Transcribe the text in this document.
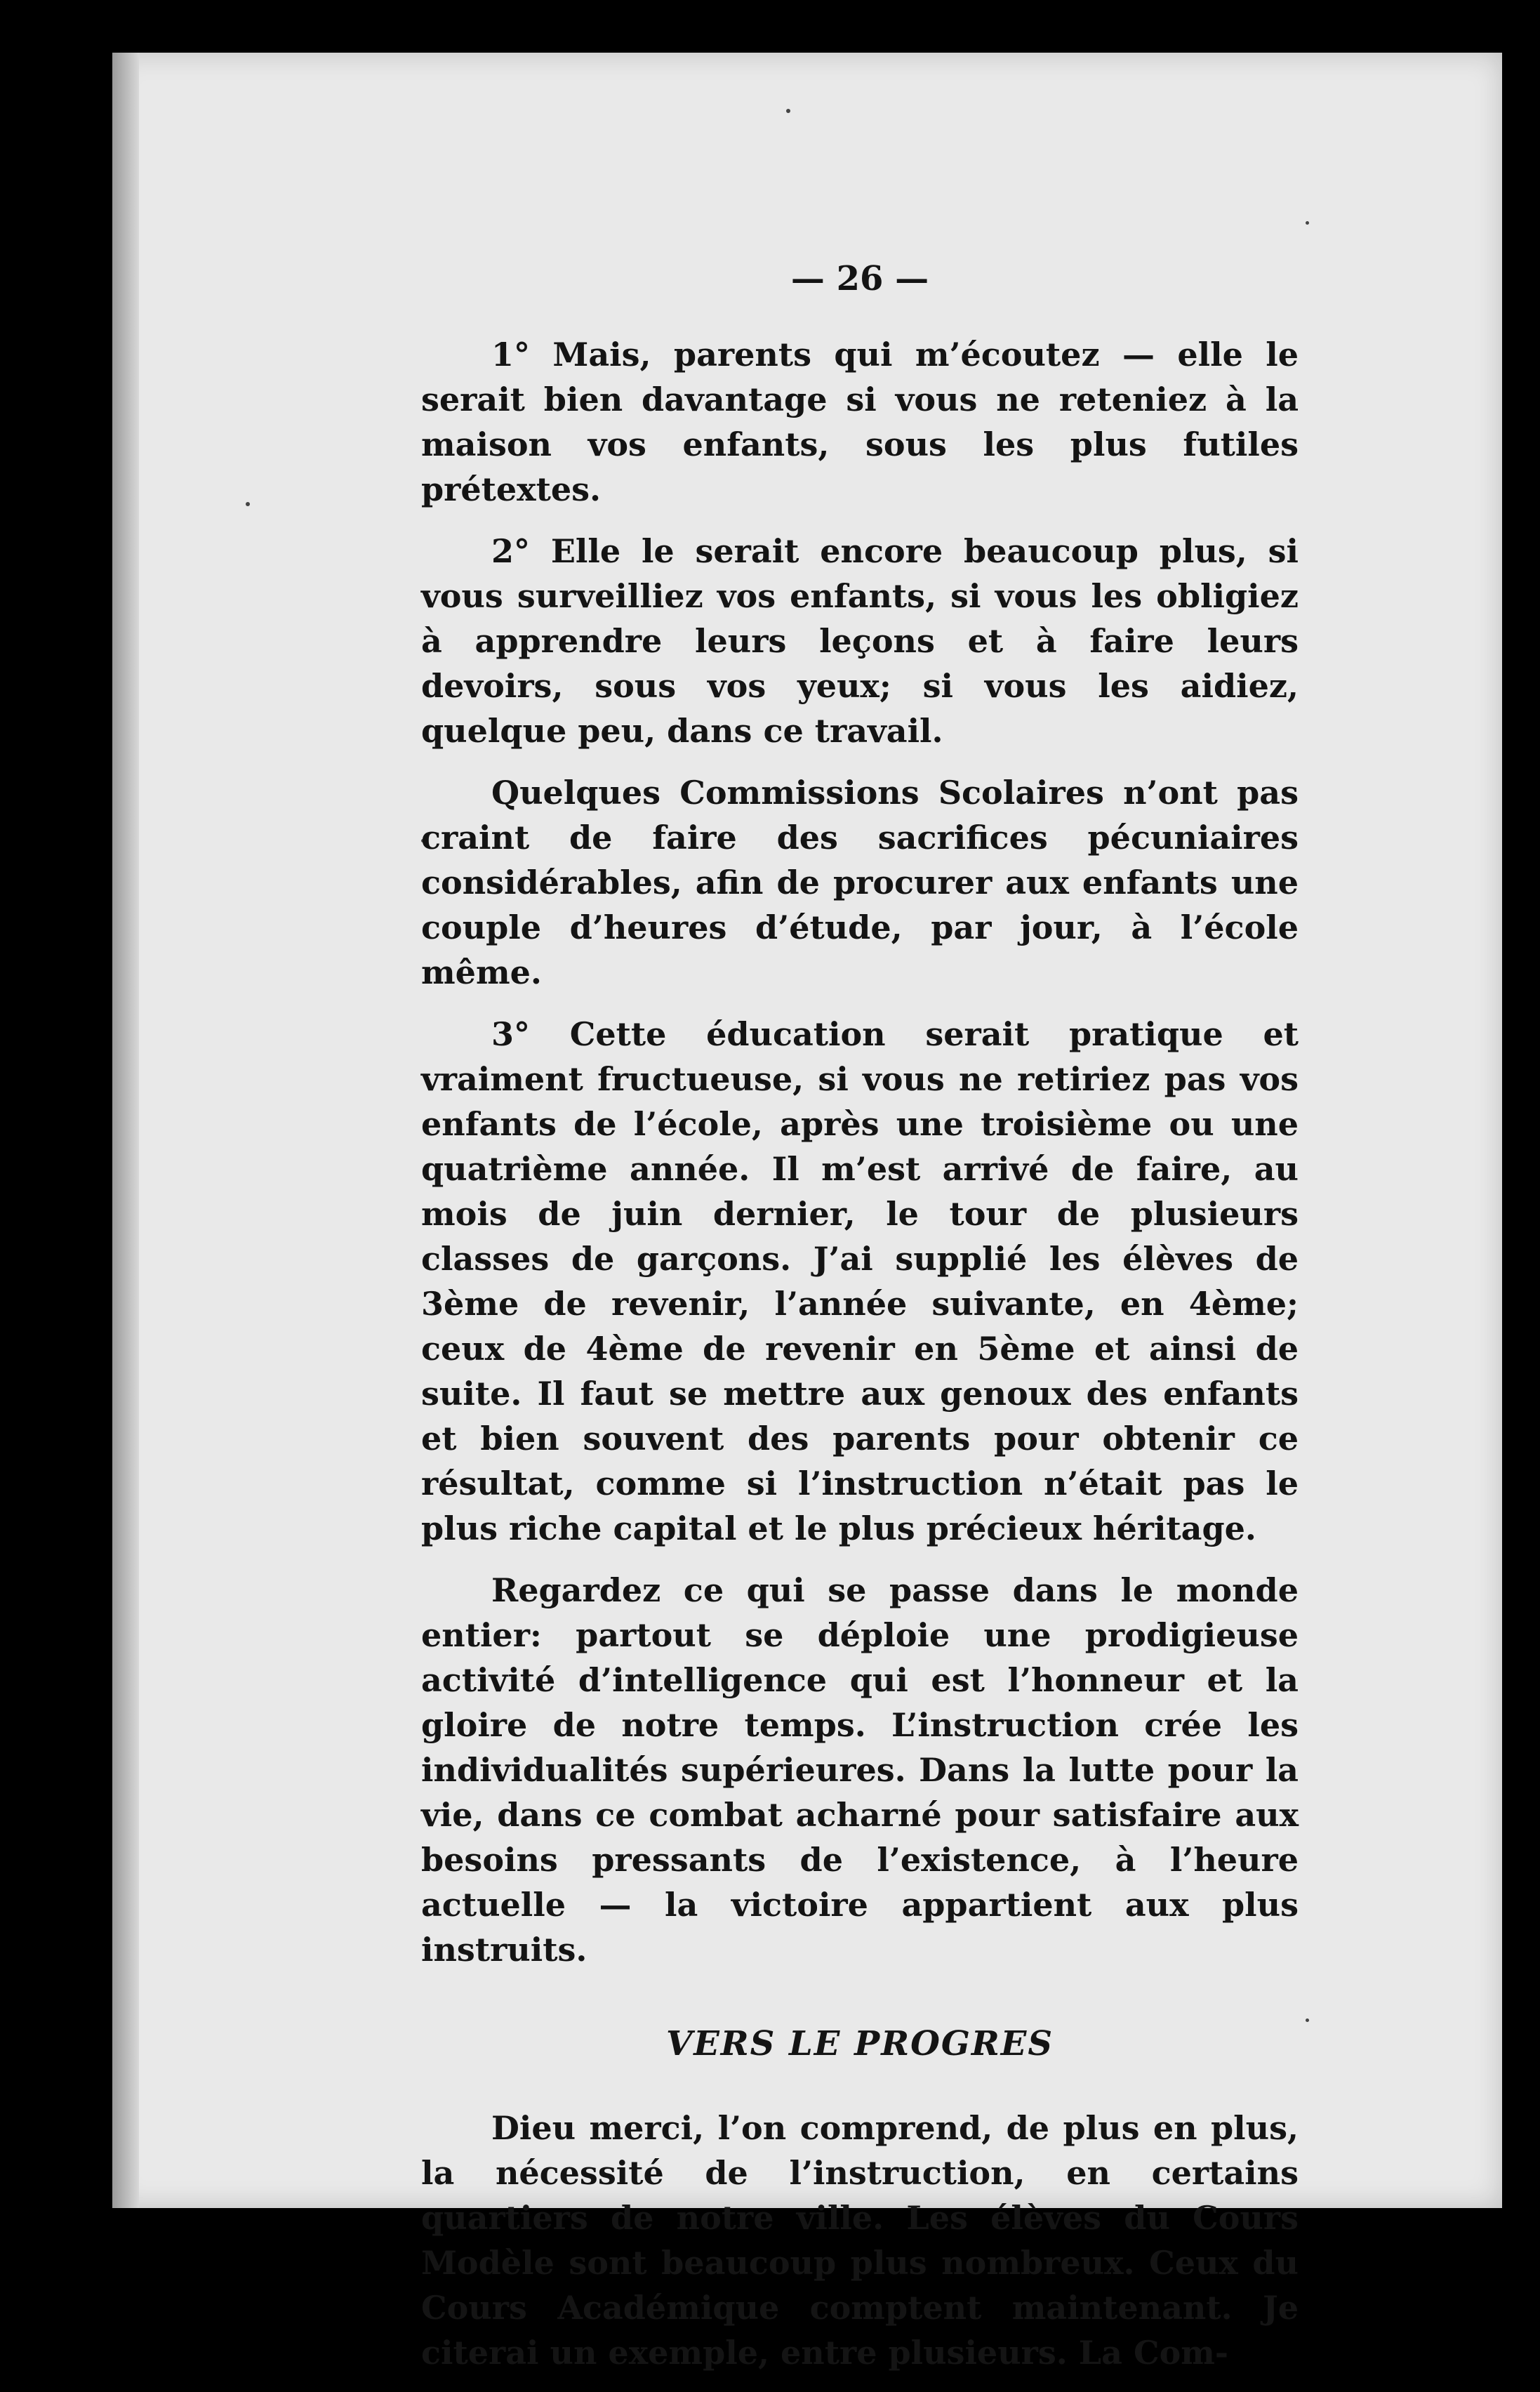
— 26 —

1° Mais, parents qui m’écoutez — elle le serait bien davantage si vous ne reteniez à la maison vos enfants, sous les plus futiles prétextes.

2° Elle le serait encore beaucoup plus, si vous surveilliez vos enfants, si vous les obligiez à apprendre leurs leçons et à faire leurs devoirs, sous vos yeux; si vous les aidiez, quelque peu, dans ce travail.

Quelques Commissions Scolaires n’ont pas craint de faire des sacrifices pécuniaires considérables, afin de procurer aux enfants une couple d’heures d’étude, par jour, à l’école même.

3° Cette éducation serait pratique et vraiment fructueuse, si vous ne retiriez pas vos enfants de l’école, après une troisième ou une quatrième année. Il m’est arrivé de faire, au mois de juin dernier, le tour de plusieurs classes de garçons. J’ai supplié les élèves de 3ème de revenir, l’année suivante, en 4ème; ceux de 4ème de revenir en 5ème et ainsi de suite. Il faut se mettre aux genoux des enfants et bien souvent des parents pour obtenir ce résultat, comme si l’instruction n’était pas le plus riche capital et le plus précieux héritage.

Regardez ce qui se passe dans le monde entier: partout se déploie une prodigieuse activité d’intelligence qui est l’honneur et la gloire de notre temps. L’instruction crée les individualités supérieures. Dans la lutte pour la vie, dans ce combat acharné pour satisfaire aux besoins pressants de l’existence, à l’heure actuelle — la victoire appartient aux plus instruits.

VERS LE PROGRES

Dieu merci, l’on comprend, de plus en plus, la nécessité de l’instruction, en certains quartiers de notre ville. Les élèves du Cours Modèle sont beaucoup plus nombreux. Ceux du Cours Académique comptent maintenant. Je citerai un exemple, entre plusieurs. La Com-
